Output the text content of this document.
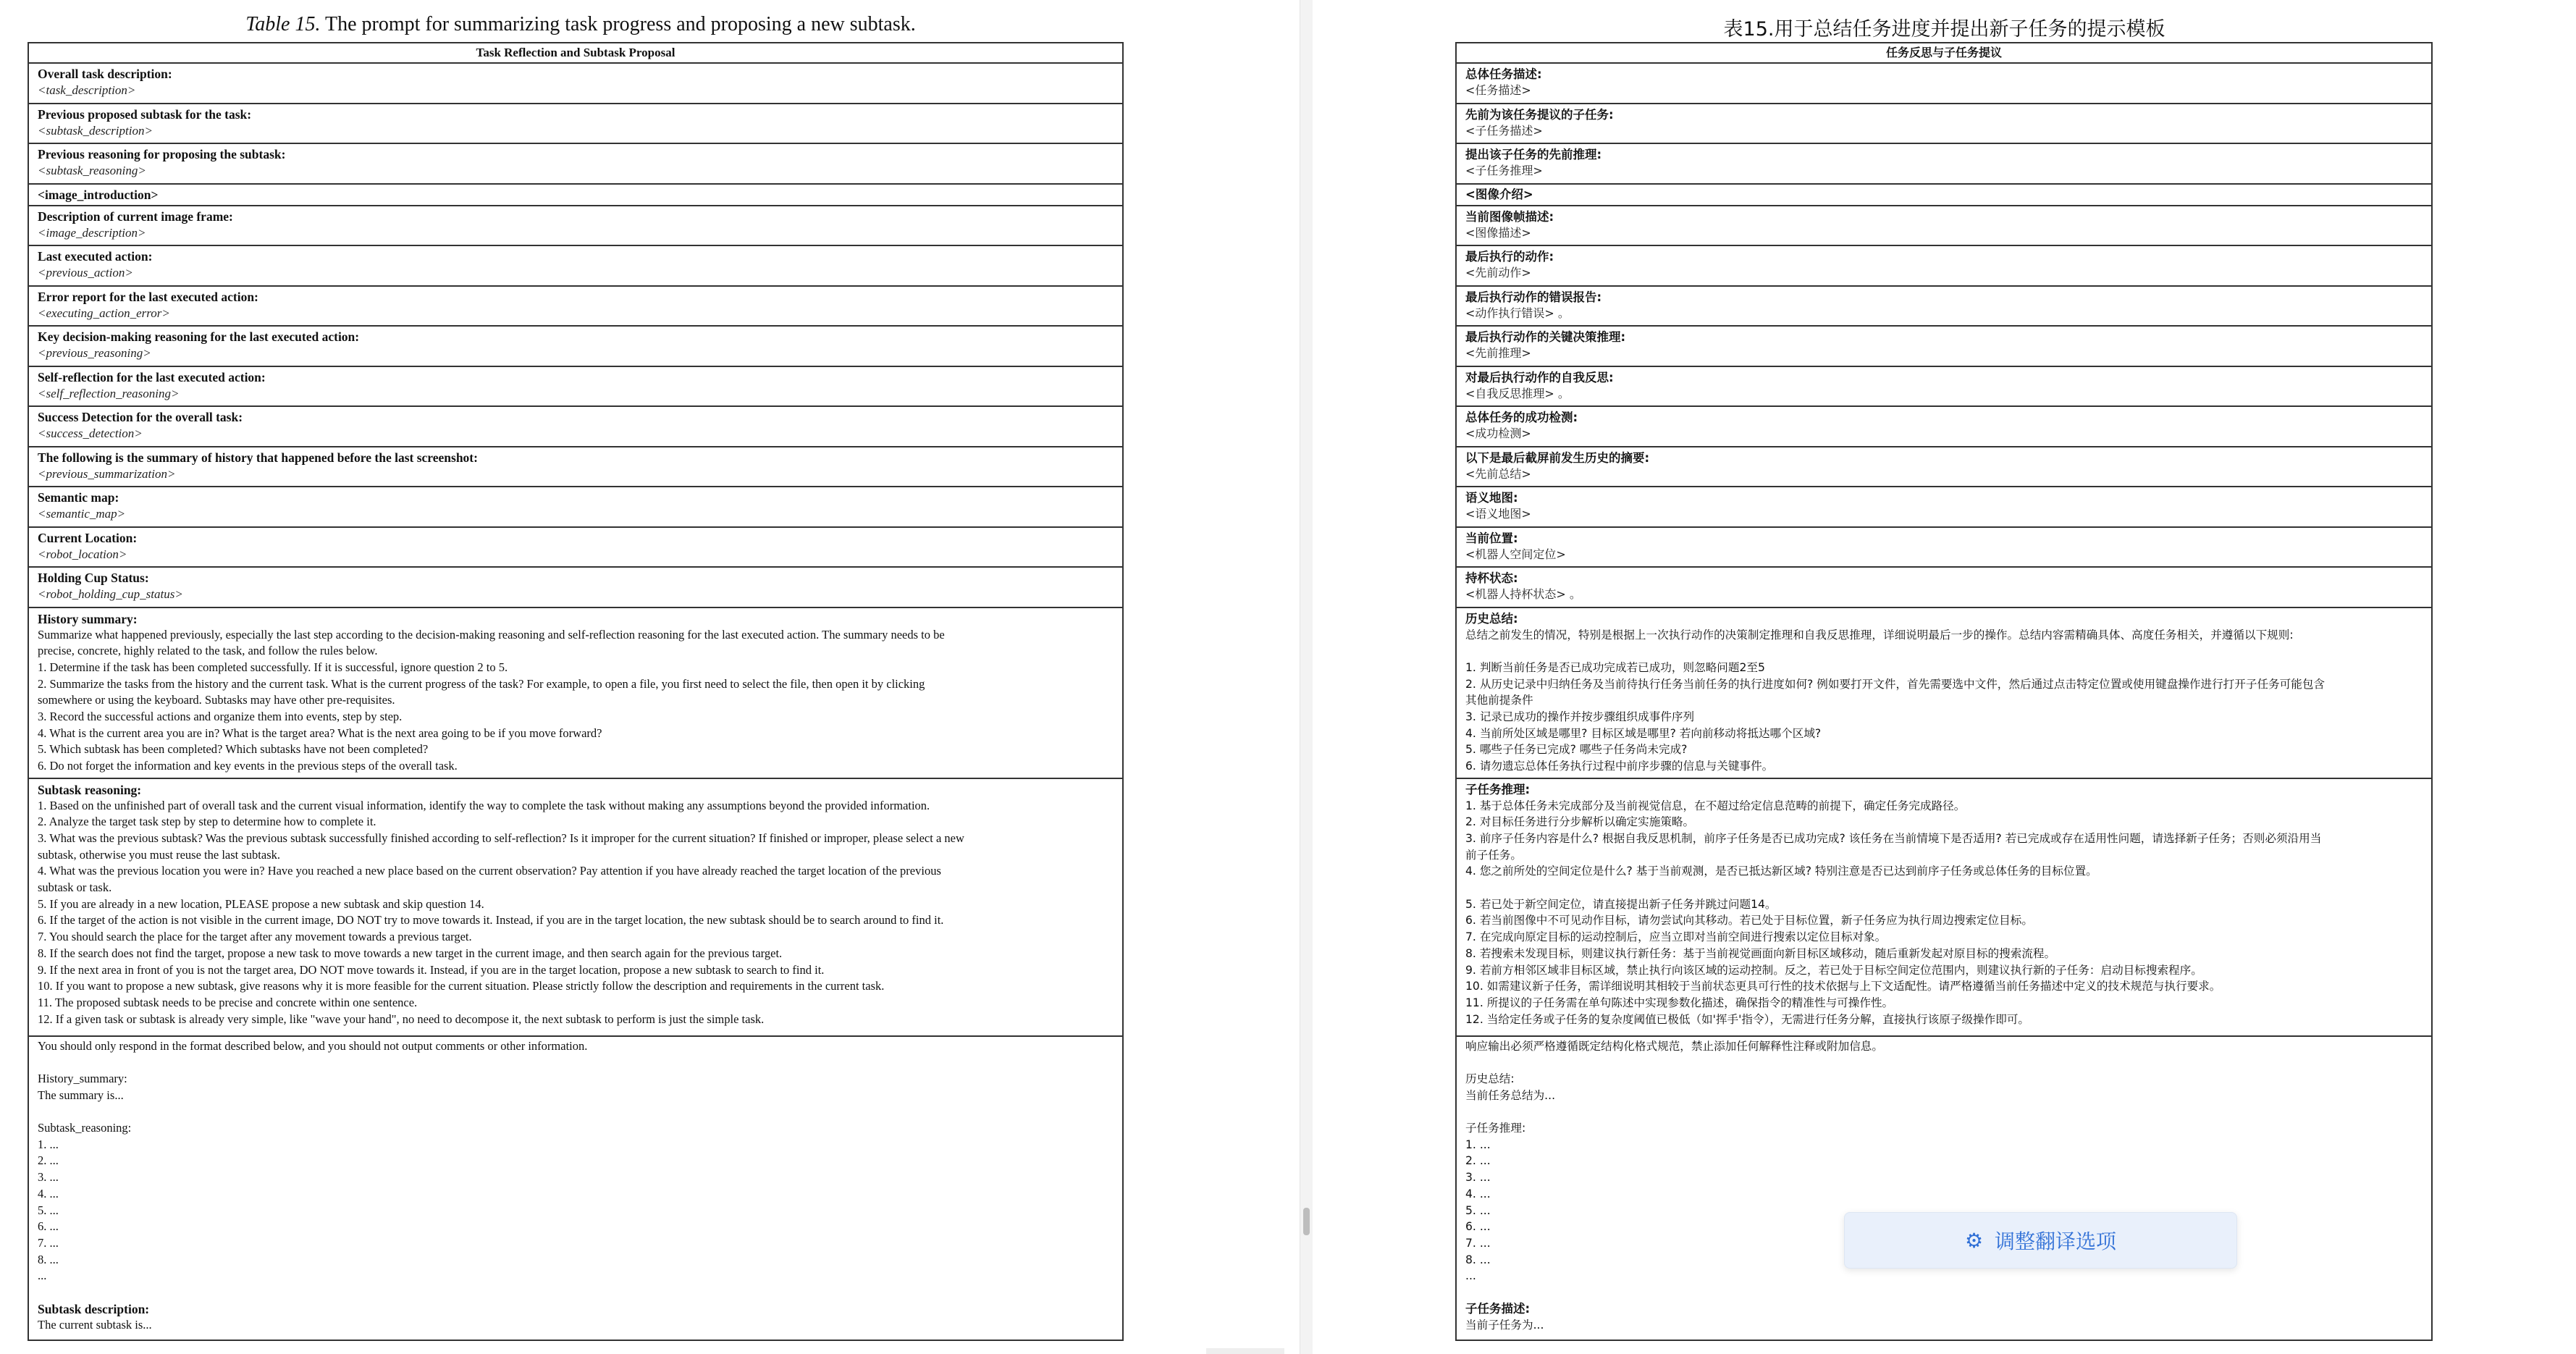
Table 15. The prompt for summarizing task progress and proposing a new subtask.
Task Reflection and Subtask Proposal
Overall task description:
<task_description>
Previous proposed subtask for the task:
<subtask_description>
Previous reasoning for proposing the subtask:
<subtask_reasoning>
<image_introduction>
Description of current image frame:
<image_description>
Last executed action:
<previous_action>
Error report for the last executed action:
<executing_action_error>
Key decision-making reasoning for the last executed action:
<previous_reasoning>
Self-reflection for the last executed action:
<self_reflection_reasoning>
Success Detection for the overall task:
<success_detection>
The following is the summary of history that happened before the last screenshot:
<previous_summarization>
Semantic map:
<semantic_map>
Current Location:
<robot_location>
Holding Cup Status:
<robot_holding_cup_status>
History summary:
Summarize what happened previously, especially the last step according to the decision-making reasoning and self-reflection reasoning for the last executed action. The summary needs to be
precise, concrete, highly related to the task, and follow the rules below.
1. Determine if the task has been completed successfully. If it is successful, ignore question 2 to 5.
2. Summarize the tasks from the history and the current task. What is the current progress of the task? For example, to open a file, you first need to select the file, then open it by clicking
somewhere or using the keyboard. Subtasks may have other pre-requisites.
3. Record the successful actions and organize them into events, step by step.
4. What is the current area you are in? What is the target area? What is the next area going to be if you move forward?
5. Which subtask has been completed? Which subtasks have not been completed?
6. Do not forget the information and key events in the previous steps of the overall task.
Subtask reasoning:
1. Based on the unfinished part of overall task and the current visual information, identify the way to complete the task without making any assumptions beyond the provided information.
2. Analyze the target task step by step to determine how to complete it.
3. What was the previous subtask? Was the previous subtask successfully finished according to self-reflection? Is it improper for the current situation? If finished or improper, please select a new
subtask, otherwise you must reuse the last subtask.
4. What was the previous location you were in? Have you reached a new place based on the current observation? Pay attention if you have already reached the target location of the previous
subtask or task.
5. If you are already in a new location, PLEASE propose a new subtask and skip question 14.
6. If the target of the action is not visible in the current image, DO NOT try to move towards it. Instead, if you are in the target location, the new subtask should be to search around to find it.
7. You should search the place for the target after any movement towards a previous target.
8. If the search does not find the target, propose a new task to move towards a new target in the current image, and then search again for the previous target.
9. If the next area in front of you is not the target area, DO NOT move towards it. Instead, if you are in the target location, propose a new subtask to search to find it.
10. If you want to propose a new subtask, give reasons why it is more feasible for the current situation. Please strictly follow the description and requirements in the current task.
11. The proposed subtask needs to be precise and concrete within one sentence.
12. If a given task or subtask is already very simple, like "wave your hand", no need to decompose it, the next subtask to perform is just the simple task.
You should only respond in the format described below, and you should not output comments or other information.
History_summary:
The summary is...
Subtask_reasoning:
1. ...
2. ...
3. ...
4. ...
5. ...
6. ...
7. ...
8. ...
...
Subtask description:
The current subtask is...
表15.用于总结任务进度并提出新子任务的提示模板
任务反思与子任务提议
总体任务描述:
<任务描述>
先前为该任务提议的子任务:
<子任务描述>
提出该子任务的先前推理:
<子任务推理>
<图像介绍>
当前图像帧描述:
<图像描述>
最后执行的动作:
<先前动作>
最后执行动作的错误报告:
<动作执行错误> 。
最后执行动作的关键决策推理:
<先前推理>
对最后执行动作的自我反思:
<自我反思推理> 。
总体任务的成功检测:
<成功检测>
以下是最后截屏前发生历史的摘要:
<先前总结>
语义地图:
<语义地图>
当前位置:
<机器人空间定位>
持杯状态:
<机器人持杯状态> 。
历史总结:
总结之前发生的情况，特别是根据上一次执行动作的决策制定推理和自我反思推理，详细说明最后一步的操作。总结内容需精确具体、高度任务相关，并遵循以下规则:
1. 判断当前任务是否已成功完成若已成功，则忽略问题2至5
2. 从历史记录中归纳任务及当前待执行任务当前任务的执行进度如何? 例如要打开文件，首先需要选中文件，然后通过点击特定位置或使用键盘操作进行打开子任务可能包含
其他前提条件
3. 记录已成功的操作并按步骤组织成事件序列
4. 当前所处区域是哪里? 目标区域是哪里? 若向前移动将抵达哪个区域?
5. 哪些子任务已完成? 哪些子任务尚未完成?
6. 请勿遗忘总体任务执行过程中前序步骤的信息与关键事件。
子任务推理:
1. 基于总体任务未完成部分及当前视觉信息，在不超过给定信息范畴的前提下，确定任务完成路径。
2. 对目标任务进行分步解析以确定实施策略。
3. 前序子任务内容是什么? 根据自我反思机制，前序子任务是否已成功完成? 该任务在当前情境下是否适用? 若已完成或存在适用性问题，请选择新子任务；否则必须沿用当
前子任务。
4. 您之前所处的空间定位是什么? 基于当前观测，是否已抵达新区域? 特别注意是否已达到前序子任务或总体任务的目标位置。
5. 若已处于新空间定位，请直接提出新子任务并跳过问题14。
6. 若当前图像中不可见动作目标，请勿尝试向其移动。若已处于目标位置，新子任务应为执行周边搜索定位目标。
7. 在完成向原定目标的运动控制后，应当立即对当前空间进行搜索以定位目标对象。
8. 若搜索未发现目标，则建议执行新任务：基于当前视觉画面向新目标区域移动，随后重新发起对原目标的搜索流程。
9. 若前方相邻区域非目标区域，禁止执行向该区域的运动控制。反之，若已处于目标空间定位范围内，则建议执行新的子任务：启动目标搜索程序。
10. 如需建议新子任务，需详细说明其相较于当前状态更具可行性的技术依据与上下文适配性。请严格遵循当前任务描述中定义的技术规范与执行要求。
11. 所提议的子任务需在单句陈述中实现参数化描述，确保指令的精准性与可操作性。
12. 当给定任务或子任务的复杂度阈值已极低（如'挥手'指令），无需进行任务分解，直接执行该原子级操作即可。
响应输出必须严格遵循既定结构化格式规范，禁止添加任何解释性注释或附加信息。
历史总结:
当前任务总结为...
子任务推理:
1. ...
2. ...
3. ...
4. ...
5. ...
6. ...
7. ...
8. ...
...
子任务描述:
当前子任务为...
⚙ 调整翻译选项
